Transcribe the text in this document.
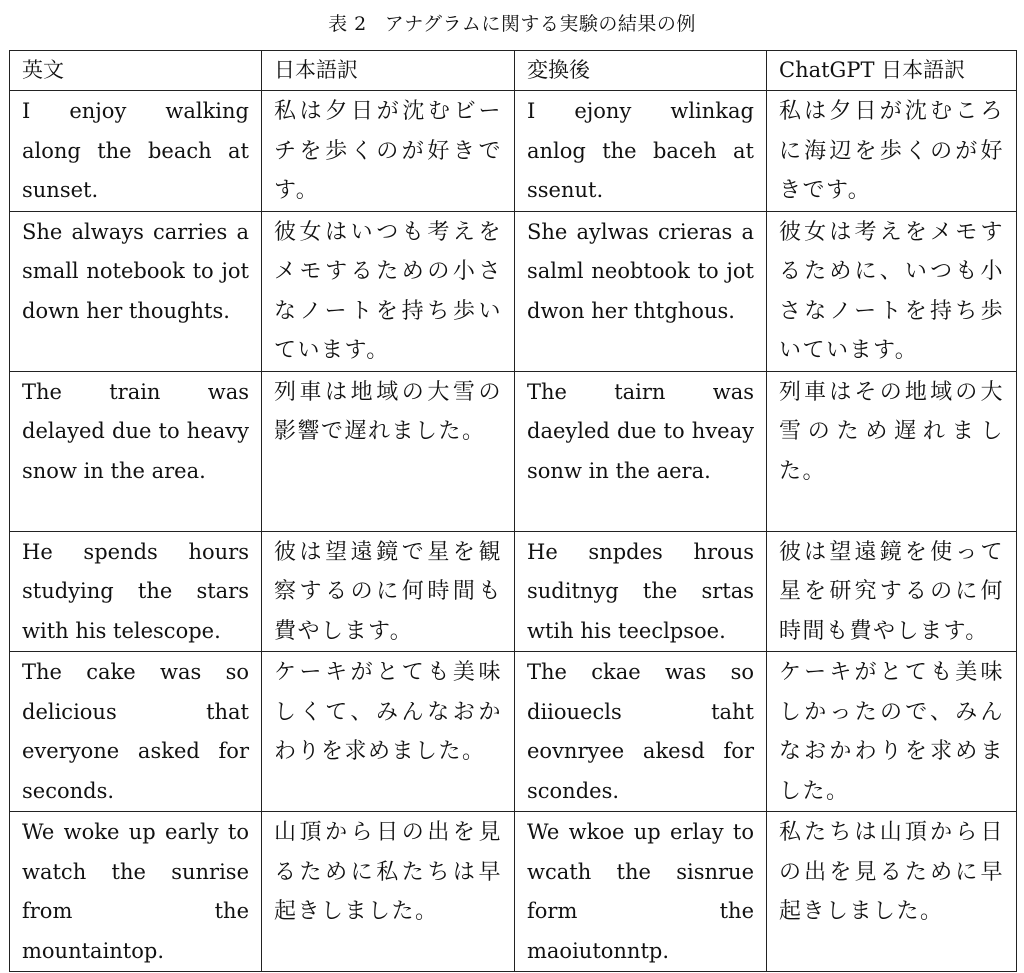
表 2 アナグラムに関する実験の結果の例
英文	日本語訳	変換後	ChatGPT 日本語訳
I enjoy walking along the beach at sunset.	私は夕日が沈むビーチを歩くのが好きです。	I ejony wlinkag anlog the baceh at ssenut.	私は夕日が沈むころに海辺を歩くのが好きです。
She always carries a small notebook to jot down her thoughts.	彼女はいつも考えをメモするための小さなノートを持ち歩いています。	She aylwas crieras a salml neobtook to jot dwon her thtghous.	彼女は考えをメモするために、いつも小さなノートを持ち歩いています。
The train was delayed due to heavy snow in the area.	列車は地域の大雪の影響で遅れました。	The tairn was daeyled due to hveay sonw in the aera.	列車はその地域の大雪のため遅れました。
He spends hours studying the stars with his telescope.	彼は望遠鏡で星を観察するのに何時間も費やします。	He snpdes hrous suditnyg the srtas wtih his teeclpsoe.	彼は望遠鏡を使って星を研究するのに何時間も費やします。
The cake was so delicious that everyone asked for seconds.	ケーキがとても美味しくて、みんなおかわりを求めました。	The ckae was so diiouecls taht eovnryee akesd for scondes.	ケーキがとても美味しかったので、みんなおかわりを求めました。
We woke up early to watch the sunrise from the mountaintop.	山頂から日の出を見るために私たちは早起きしました。	We wkoe up erlay to wcath the sisnrue form the maoiutonntp.	私たちは山頂から日の出を見るために早起きしました。
